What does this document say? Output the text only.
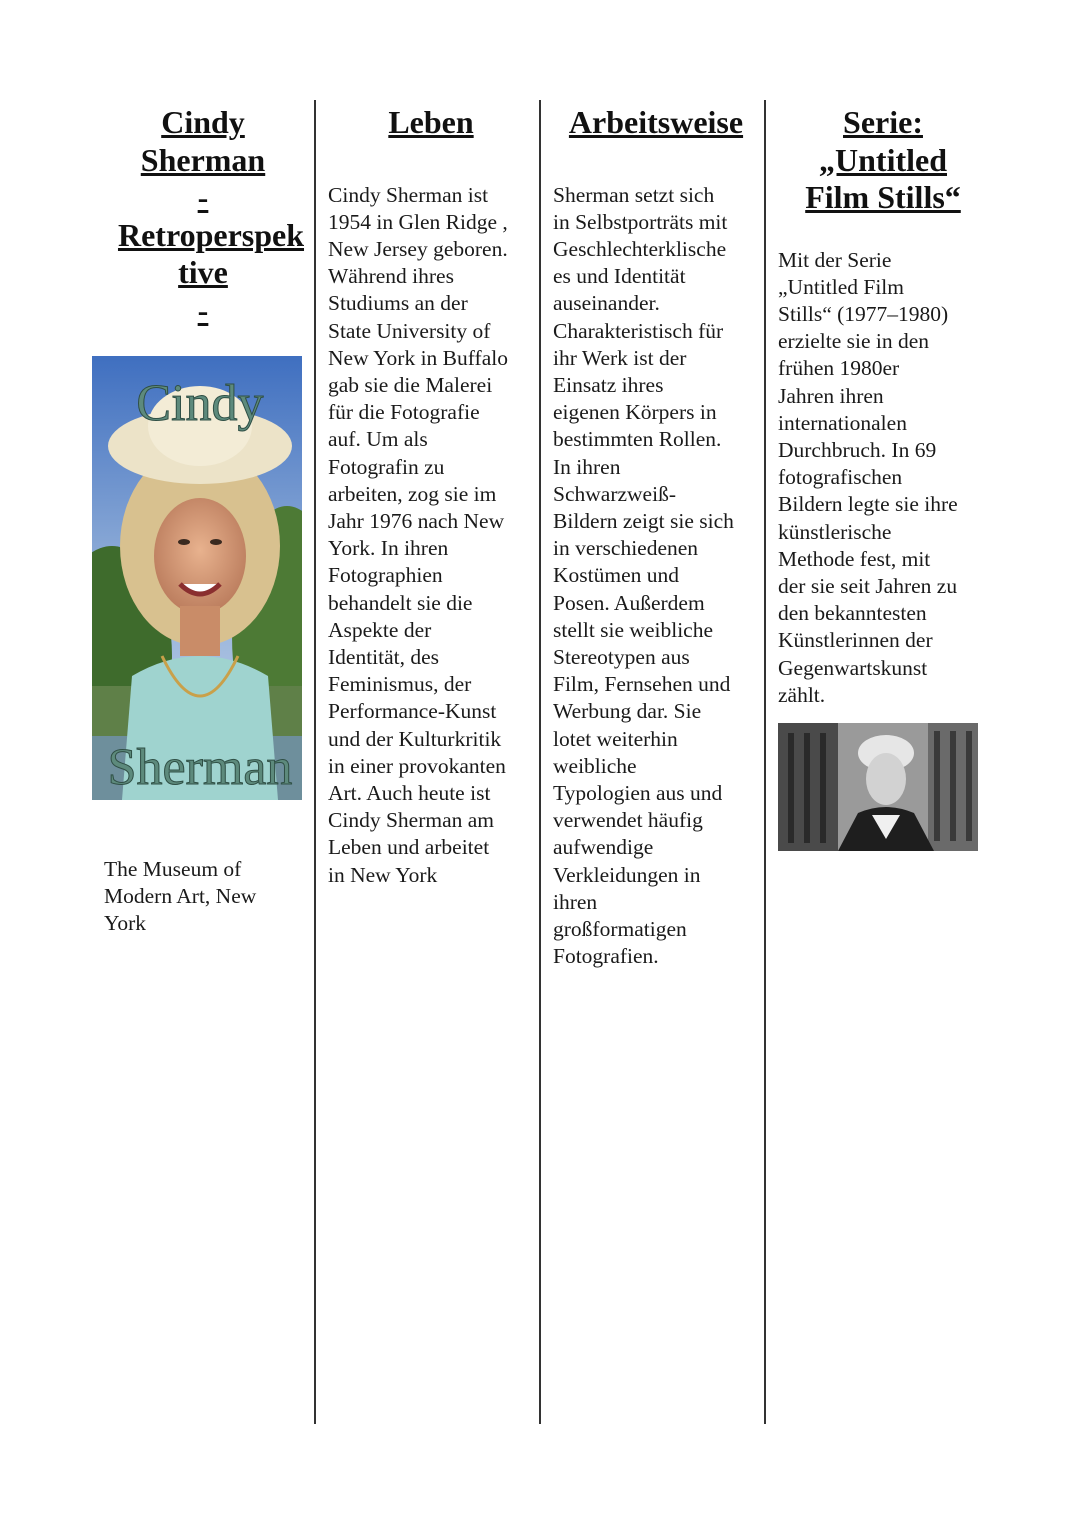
Cindy
Sherman
-
Retroperspek
tive
-
Cindy
Sherman
The Museum of Modern Art, New York
Leben

Cindy Sherman ist
1954 in Glen Ridge ,
New Jersey geboren.
Während ihres
Studiums an der
State University of
New York in Buffalo
gab sie die Malerei
für die Fotografie
auf. Um als
Fotografin zu
arbeiten, zog sie im
Jahr 1976 nach New
York. In ihren
Fotographien
behandelt sie die
Aspekte der
Identität, des
Feminismus, der
Performance-Kunst
und der Kulturkritik
in einer provokanten
Art. Auch heute ist
Cindy Sherman am
Leben und arbeitet
in New York

Arbeitsweise

Sherman setzt sich
in Selbstporträts mit
Geschlechterklische
es und Identität
auseinander.
Charakteristisch für
ihr Werk ist der
Einsatz ihres
eigenen Körpers in
bestimmten Rollen.
In ihren
Schwarzweiß-
Bildern zeigt sie sich
in verschiedenen
Kostümen und
Posen. Außerdem
stellt sie weibliche
Stereotypen aus
Film, Fernsehen und
Werbung dar. Sie
lotet weiterhin
weibliche
Typologien aus und
verwendet häufig
aufwendige
Verkleidungen in
ihren
großformatigen
Fotografien.

Serie:
„Untitled
Film Stills“

Mit der Serie
„Untitled Film
Stills“ (1977–1980)
erzielte sie in den
frühen 1980er
Jahren ihren
internationalen
Durchbruch. In 69
fotografischen
Bildern legte sie ihre
künstlerische
Methode fest, mit
der sie seit Jahren zu
den bekanntesten
Künstlerinnen der
Gegenwartskunst
zählt.
